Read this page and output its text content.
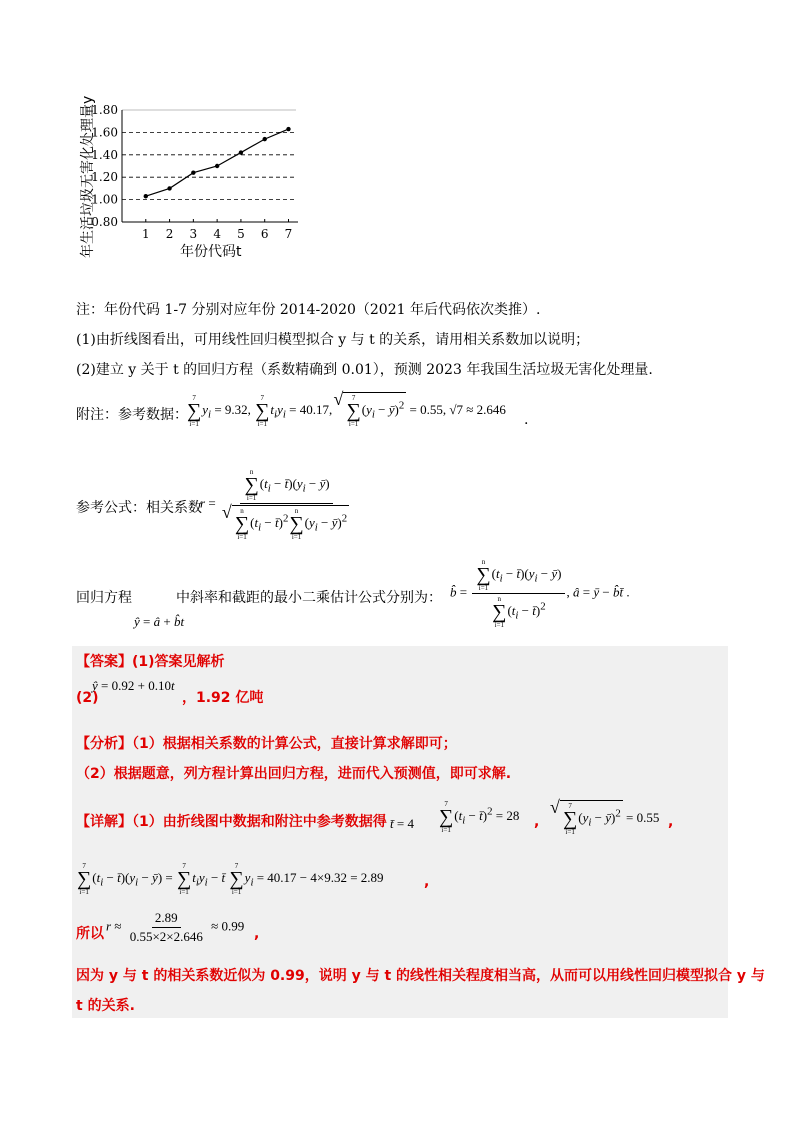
0.80
1.00
1.20
1.40
1.60
1.80
1 2 3 4 5 6 7
年生活垃圾无害化处理量y	年份代码t
注：年份代码 1-7 分别对应年份 2014-2020（2021 年后代码依次类推）.
(1)由折线图看出，可用线性回归模型拟合 y 与 t 的关系，请用相关系数加以说明；
(2)建立 y 关于 t 的回归方程（系数精确到 0.01），预测 2023 年我国生活垃圾无害化处理量.
附注：参考数据：
7
∑
i=1
$y_i = 9.32$,
7
∑
i=1
$t_iy_i = 40.17$,
√ 7
∑
i=1
($y_i$ − ȳ)$^2$ = 0.55, √7 ≈ 2.646
.
参考公式：相关系数
r = n
∑
i=1
($t_i$ − $t̄)(y_i$ − ȳ)
√ n
∑
i=1
($t_i$ − t̄)$^2$
n
∑
i=1
($y_i$ − ȳ)$^2$
回归方程
ŷ = â + b̂t
中斜率和截距的最小二乘估计公式分别为： b̂ = n
∑
i=1
($t_i$ − $t̄)(y_i$ − ȳ)
n
∑
i=1
($t_i$ − t̄)$^2$ , â = ȳ − b̂t̄ .
【答案】(1)答案见解析
(2)
ŷ = 0.92 + 0.10t
，1.92 亿吨
【分析】（1）根据相关系数的计算公式，直接计算求解即可；
（2）根据题意，列方程计算出回归方程，进而代入预测值，即可求解.
【详解】（1）由折线图中数据和附注中参考数据得 t̄ = 4
7
∑
i=1
($t_i$ − t̄)$^2$ = 28 ,
√ 7
∑
i=1
($y_i$ − ȳ)$^2$ = 0.55 ,
7
∑
i=1
($t_i$ − $t̄)(y_i$ − ȳ) =
7
∑
i=1
$t_iy_i$ − t̄
7
∑
i=1
$y_i = 40.17 - 4\times 9.32 = 2.89$	,
所以
$r \approx \frac{2.89}{0.55\times 2\times 2.646} \approx 0.99$
,
因为 y 与 t 的相关系数近似为 0.99，说明 y 与 t 的线性相关程度相当高，从而可以用线性回归模型拟合 y 与
t 的关系.
